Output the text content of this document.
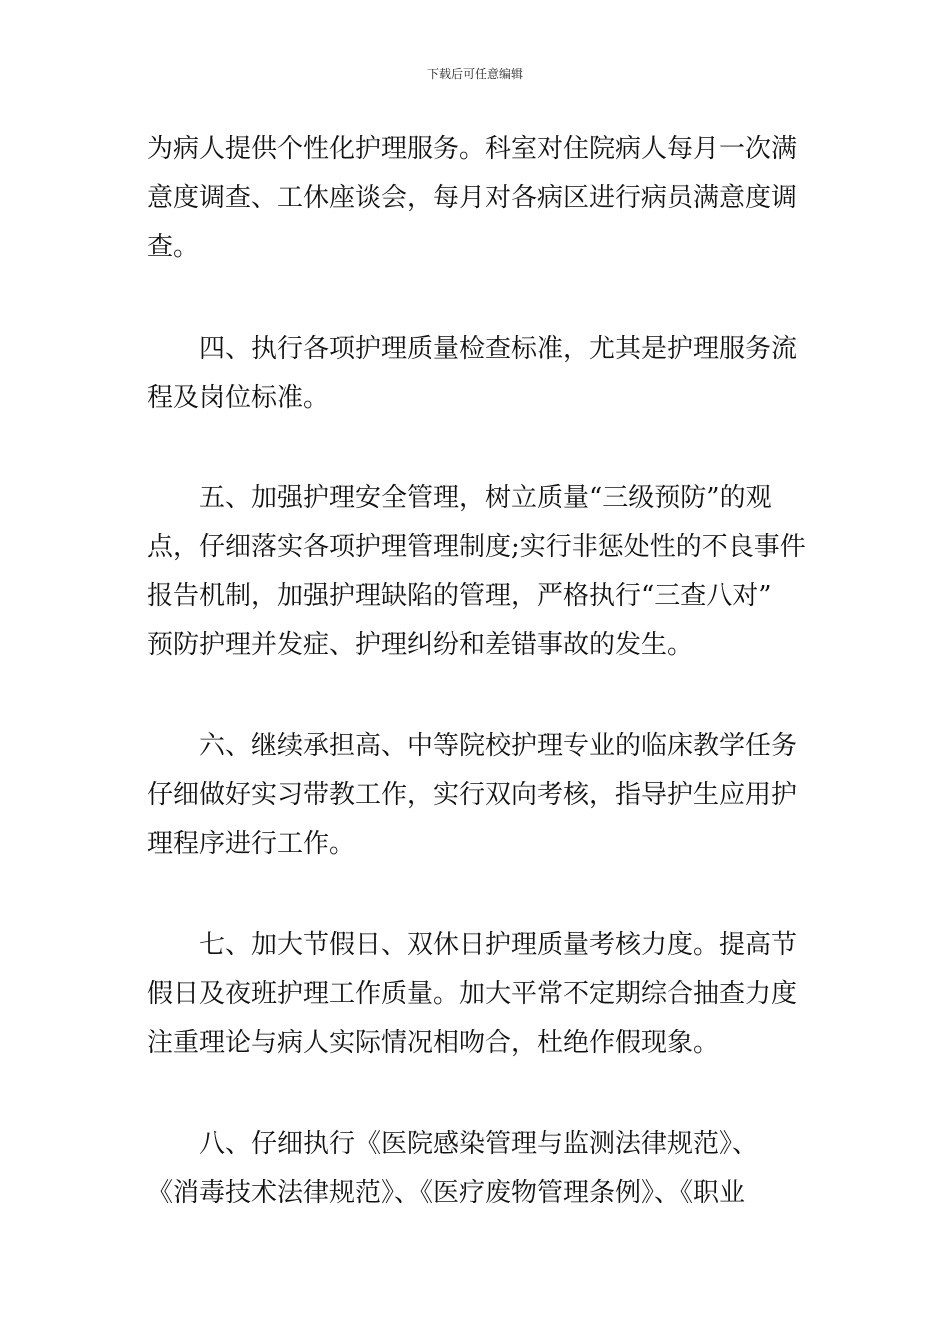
下载后可任意编辑
为病人提供个性化护理服务。科室对住院病人每月一次满
意度调查、工休座谈会，每月对各病区进行病员满意度调
查。
四、执行各项护理质量检查标准，尤其是护理服务流
程及岗位标准。
五、加强护理安全管理，树立质量“三级预防”的观
点，仔细落实各项护理管理制度;实行非惩处性的不良事件
报告机制，加强护理缺陷的管理，严格执行“三查八对”
预防护理并发症、护理纠纷和差错事故的发生。
六、继续承担高、中等院校护理专业的临床教学任务
仔细做好实习带教工作，实行双向考核，指导护生应用护
理程序进行工作。
七、加大节假日、双休日护理质量考核力度。提高节
假日及夜班护理工作质量。加大平常不定期综合抽查力度
注重理论与病人实际情况相吻合，杜绝作假现象。
八、仔细执行《医院感染管理与监测法律规范》、
《消毒技术法律规范》、《医疗废物管理条例》、《职业
